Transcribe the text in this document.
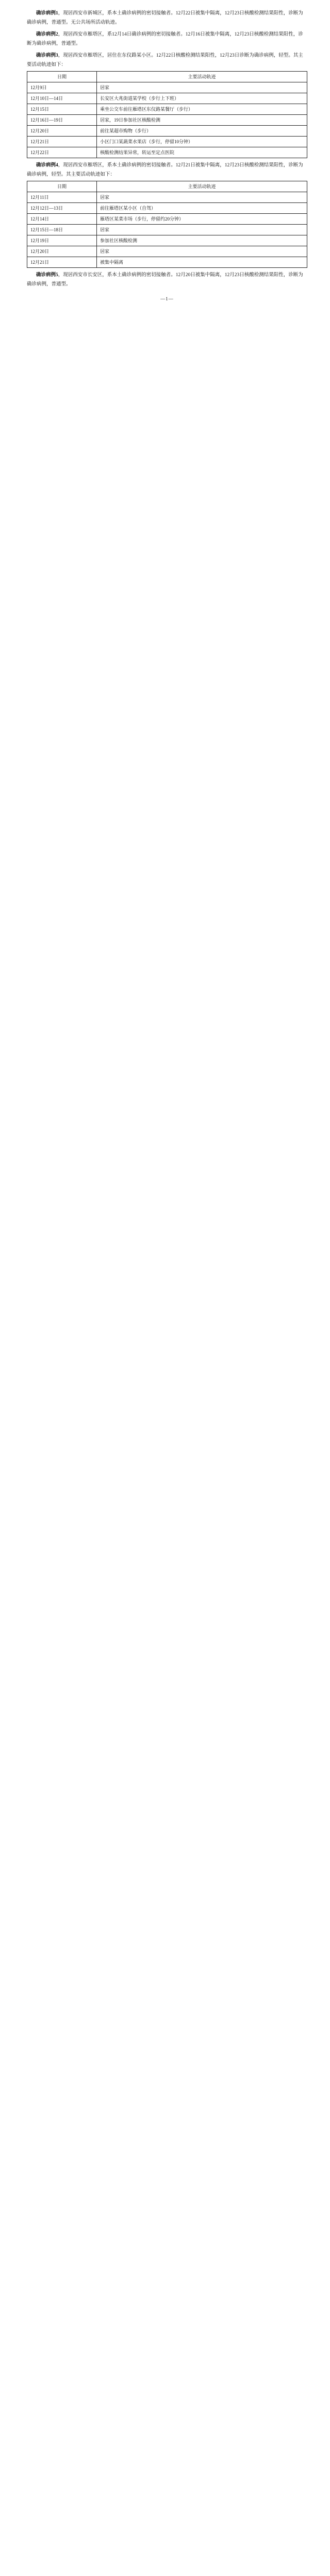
确诊病例1，现居西安市新城区，系本土确诊病例的密切接触者。12月22日被集中隔离，12月23日核酸检测结果阳性，诊断为确诊病例，普通型。无公共场所活动轨迹。

确诊病例2，现居西安市雁塔区，系12月14日确诊病例的密切接触者。12月16日被集中隔离，12月23日核酸检测结果阳性，诊断为确诊病例，普通型。

确诊病例3，现居西安市雁塔区，居住在东仪路某小区。12月22日核酸检测结果阳性，12月23日诊断为确诊病例，轻型。其主要活动轨迹如下：

日期	主要活动轨迹
12月9日	居家
12月10日—14日	长安区大兆街道某学校（步行上下班）
12月15日	乘坐公交车前往雁塔区东仪路某餐厅（步行）
12月16日—19日	居家，19日参加社区核酸检测
12月20日	前往某超市购物（步行）
12月21日	小区门口某蔬菜水果店（步行，停留10分钟）
12月22日	核酸检测结果异常，转运至定点医院

确诊病例4，现居西安市雁塔区，系本土确诊病例的密切接触者。12月21日被集中隔离，12月23日核酸检测结果阳性，诊断为确诊病例，轻型。其主要活动轨迹如下：

日期	主要活动轨迹
12月11日	居家
12月12日—13日	前往雁塔区某小区（自驾）
12月14日	雁塔区某菜市场（步行，停留约20分钟）
12月15日—18日	居家
12月19日	参加社区核酸检测
12月20日	居家
12月21日	被集中隔离

确诊病例5，现居西安市长安区，系本土确诊病例的密切接触者。12月20日被集中隔离，12月23日核酸检测结果阳性，诊断为确诊病例，普通型。

—1—
